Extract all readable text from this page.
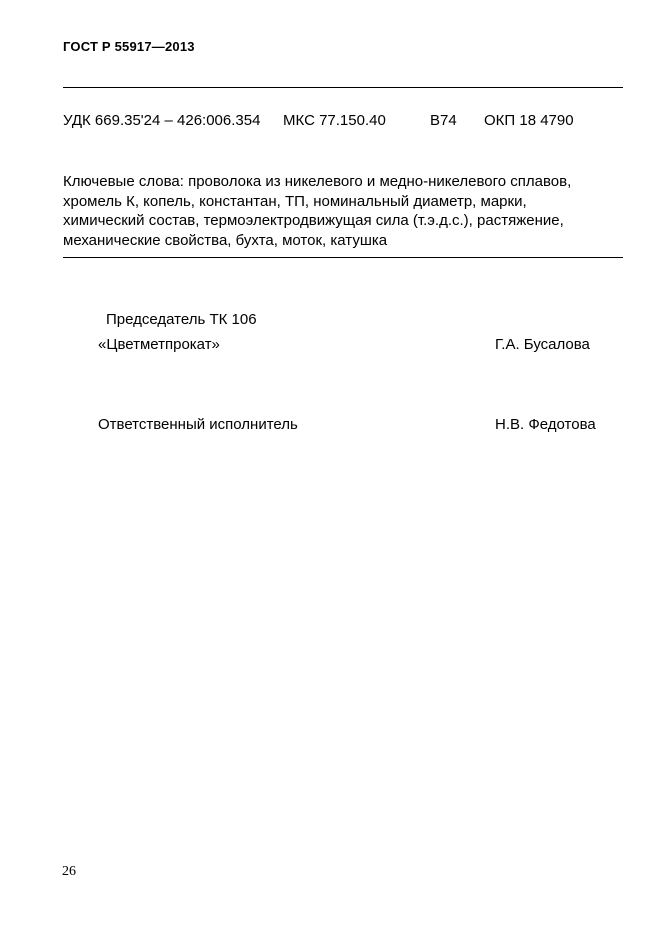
ГОСТ Р 55917—2013
УДК 669.35'24 – 426:006.354 МКС 77.150.40	В74 ОКП 18 4790
Ключевые слова: проволока из никелевого и медно-никелевого сплавов,
хромель К, копель, константан, ТП, номинальный диаметр, марки,
химический состав, термоэлектродвижущая сила (т.э.д.с.), растяжение,
механические свойства, бухта, моток, катушка
Председатель ТК 106
«Цветметпрокат»	Г.А. Бусалова
Ответственный исполнитель	Н.В. Федотова
26
